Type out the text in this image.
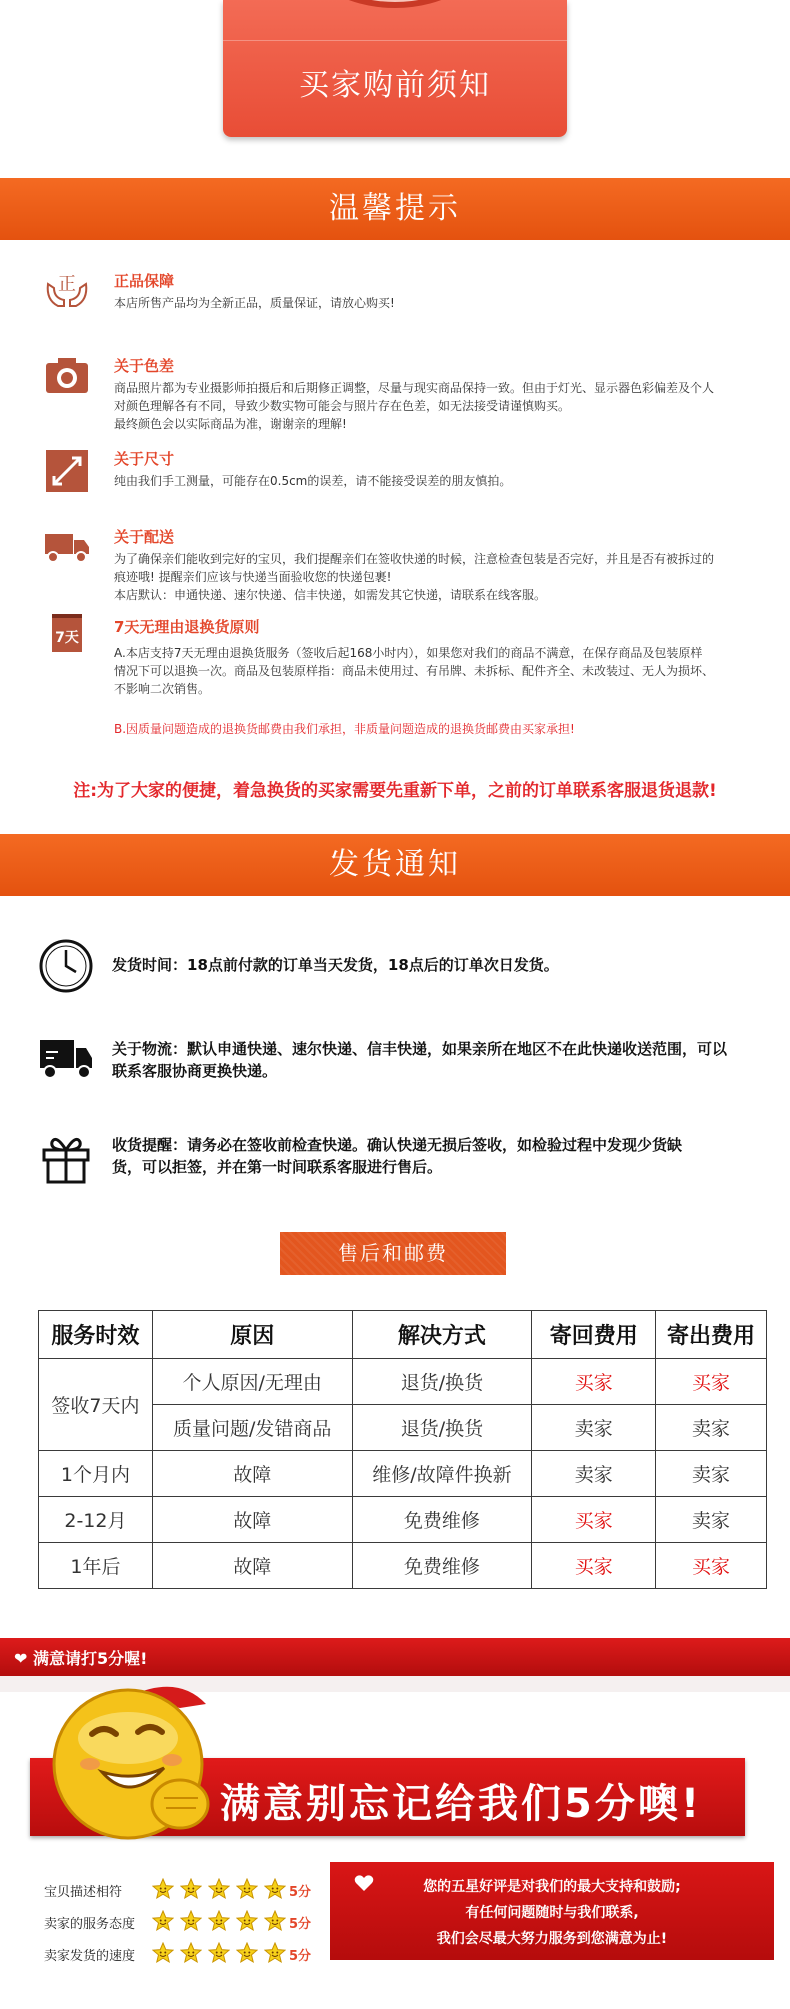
买家购前须知
温馨提示
正	正品保障
本店所售产品均为全新正品，质量保证，请放心购买!
关于色差
商品照片都为专业摄影师拍摄后和后期修正调整，尽量与现实商品保持一致。但由于灯光、显示器色彩偏差及个人
对颜色理解各有不同，导致少数实物可能会与照片存在色差，如无法接受请谨慎购买。
最终颜色会以实际商品为准，谢谢亲的理解!
关于尺寸
纯由我们手工测量，可能存在0.5cm的误差，请不能接受误差的朋友慎拍。
关于配送
为了确保亲们能收到完好的宝贝，我们提醒亲们在签收快递的时候，注意检查包装是否完好，并且是否有被拆过的
痕迹哦! 提醒亲们应该与快递当面验收您的快递包裹!
本店默认：申通快递、速尔快递、信丰快递，如需发其它快递，请联系在线客服。
7天
7天无理由退换货原则
A.本店支持7天无理由退换货服务（签收后起168小时内），如果您对我们的商品不满意，在保存商品及包装原样
情况下可以退换一次。商品及包装原样指：商品未使用过、有吊牌、未拆标、配件齐全、未改装过、无人为损坏、
不影响二次销售。
B.因质量问题造成的退换货邮费由我们承担，非质量问题造成的退换货邮费由买家承担!
注:为了大家的便捷，着急换货的买家需要先重新下单，之前的订单联系客服退货退款!
发货通知
发货时间：18点前付款的订单当天发货，18点后的订单次日发货。
关于物流：默认申通快递、速尔快递、信丰快递，如果亲所在地区不在此快递收送范围，可以
联系客服协商更换快递。
收货提醒：请务必在签收前检查快递。确认快递无损后签收，如检验过程中发现少货缺
货，可以拒签，并在第一时间联系客服进行售后。
售后和邮费
服务时效	原因	解决方式	寄回费用	寄出费用
签收7天内	个人原因/无理由	退货/换货	买家	买家
	质量问题/发错商品	退货/换货	卖家	卖家
1个月内	故障	维修/故障件换新	卖家	卖家
2-12月	故障	免费维修	买家	卖家
1年后	故障	免费维修	买家	买家
❤ 满意请打5分喔!
满意别忘记给我们5分噢!
宝贝描述相符	5分
卖家的服务态度	5分
卖家发货的速度	5分
您的五星好评是对我们的最大支持和鼓励;
有任何问题随时与我们联系,
我们会尽最大努力服务到您满意为止!
